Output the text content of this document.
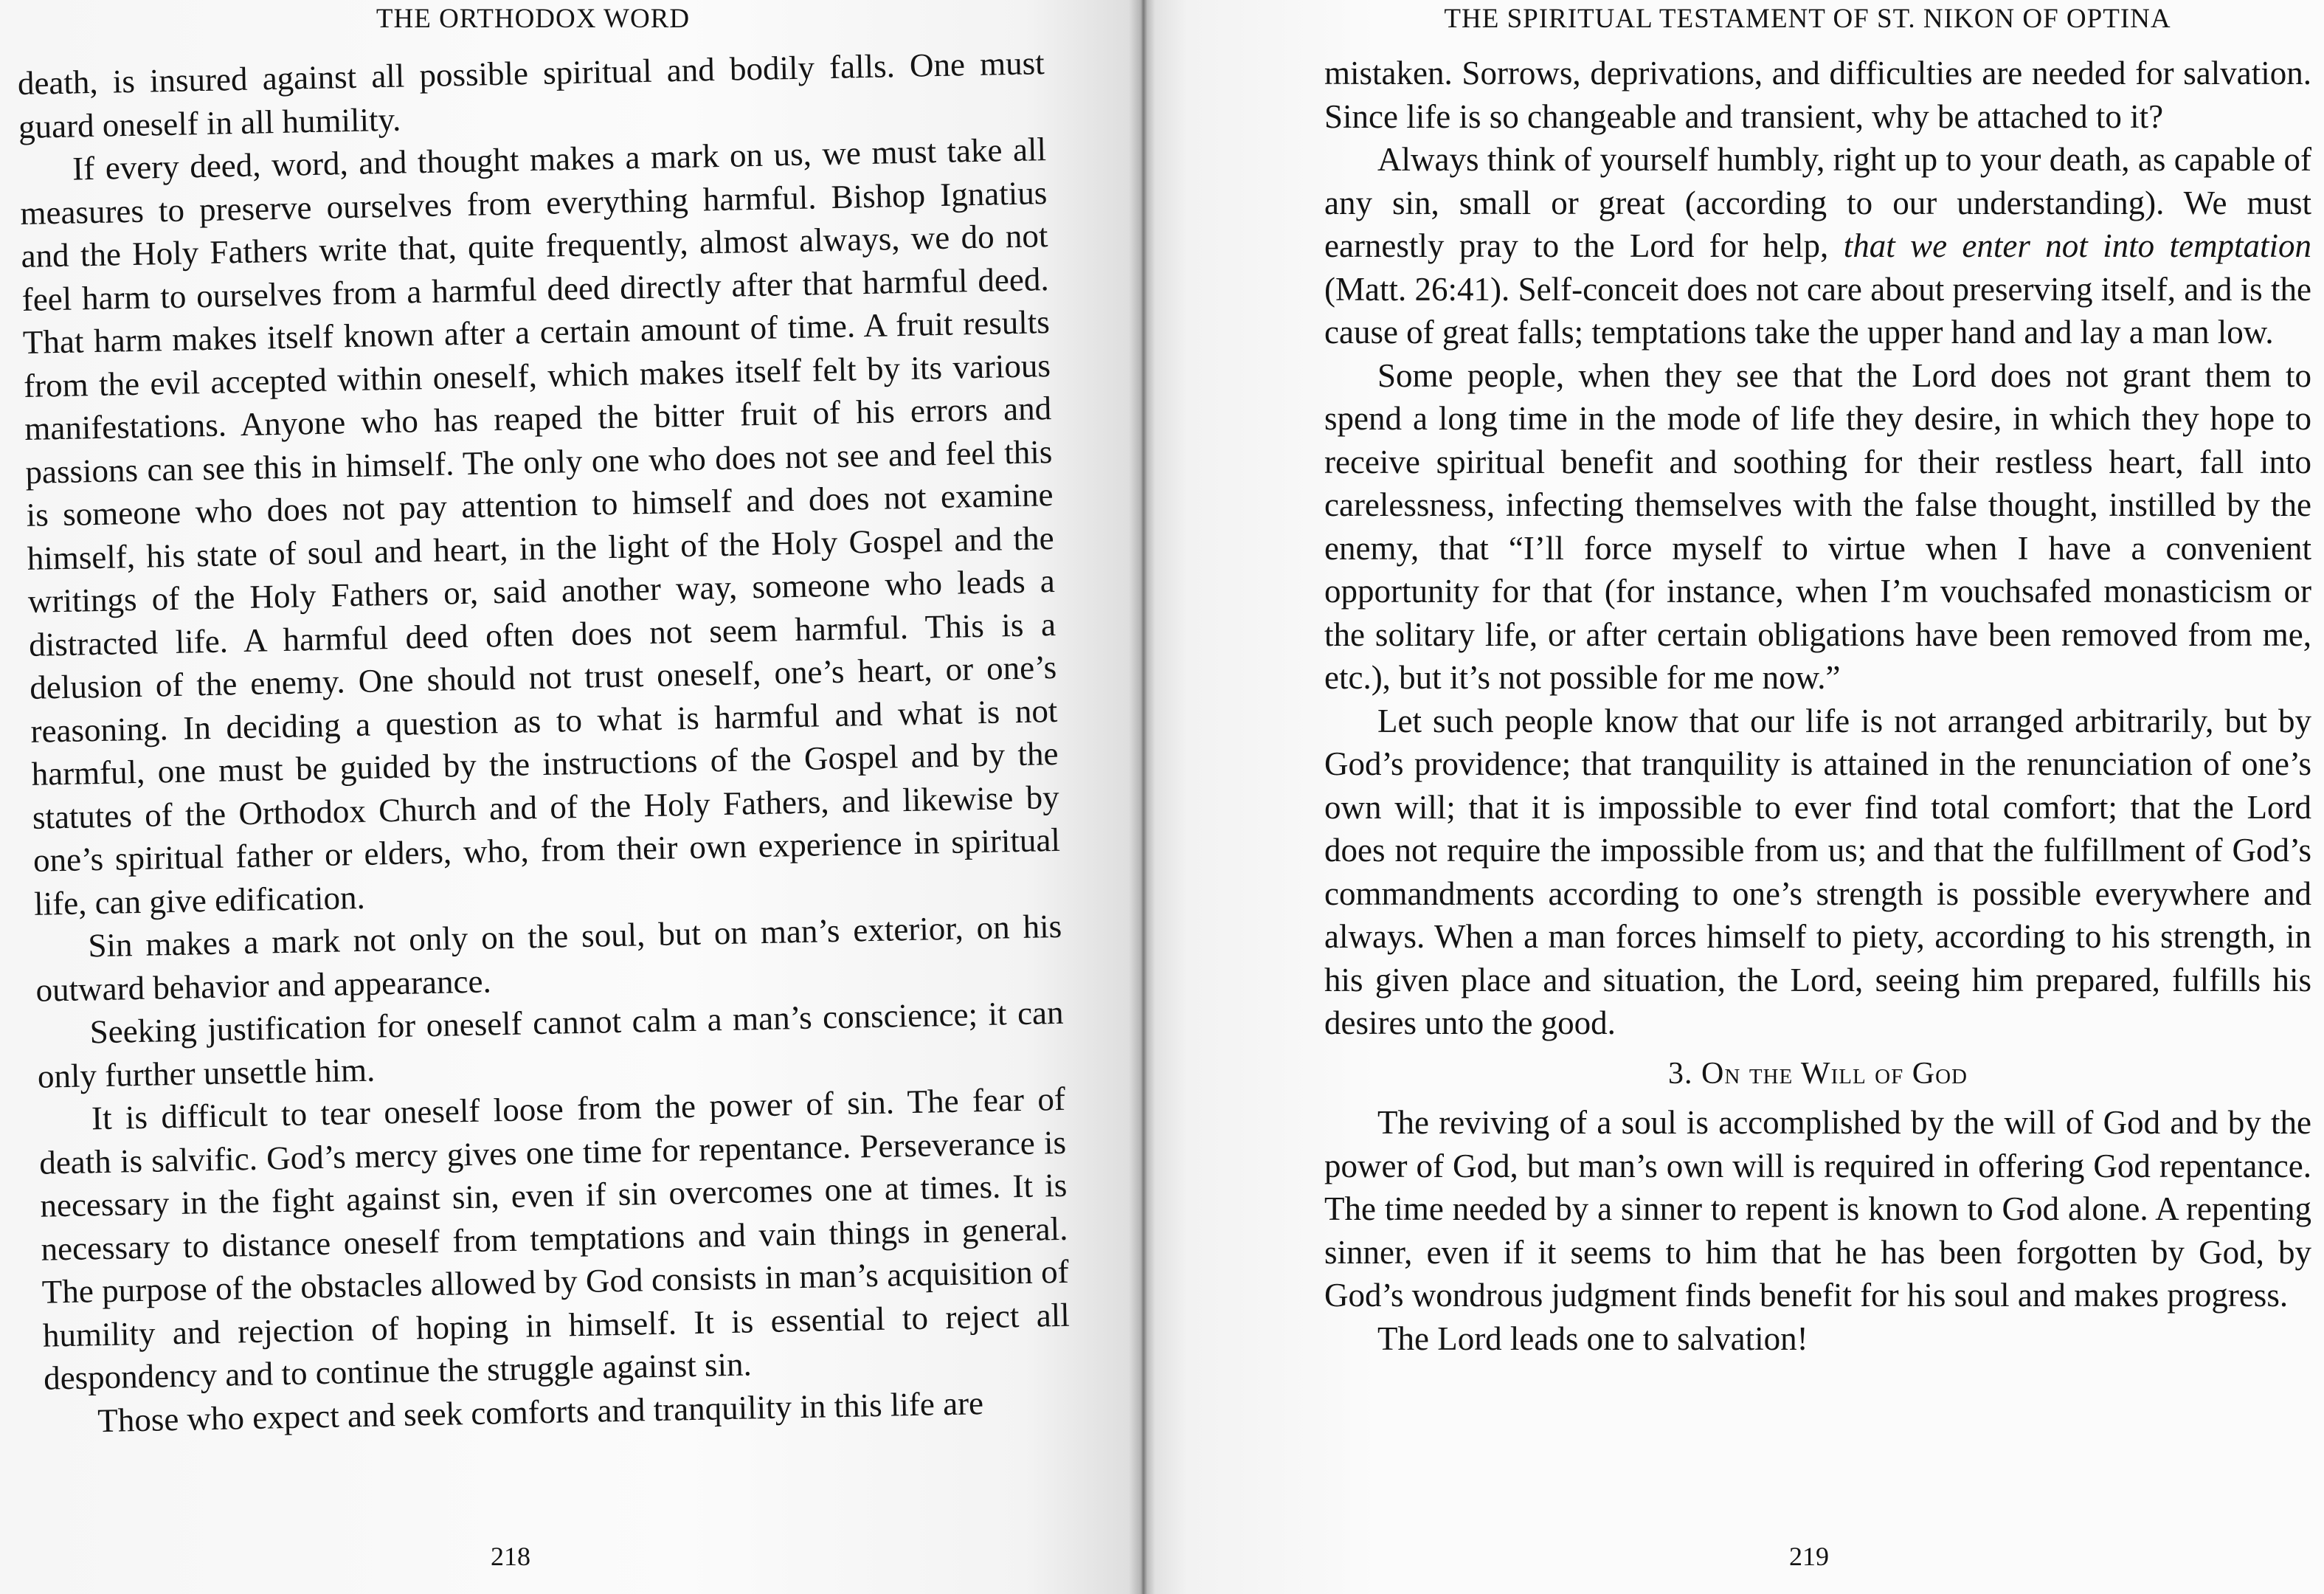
THE ORTHODOX WORD

death, is insured against all possible spiritual and bodily falls. One must guard oneself in all humility.

If every deed, word, and thought makes a mark on us, we must take all measures to preserve ourselves from everything harmful. Bishop Ignatius and the Holy Fathers write that, quite frequently, almost always, we do not feel harm to ourselves from a harmful deed directly after that harmful deed. That harm makes itself known after a certain amount of time. A fruit results from the evil accepted within oneself, which makes itself felt by its various manifestations. Anyone who has reaped the bitter fruit of his errors and passions can see this in himself. The only one who does not see and feel this is someone who does not pay attention to himself and does not examine himself, his state of soul and heart, in the light of the Holy Gospel and the writings of the Holy Fathers or, said another way, someone who leads a distracted life. A harmful deed often does not seem harmful. This is a delusion of the enemy. One should not trust oneself, one’s heart, or one’s reasoning. In deciding a question as to what is harmful and what is not harmful, one must be guided by the instructions of the Gospel and by the statutes of the Orthodox Church and of the Holy Fathers, and likewise by one’s spiritual father or elders, who, from their own experience in spiritual life, can give edification.

Sin makes a mark not only on the soul, but on man’s exterior, on his outward behavior and appearance.

Seeking justification for oneself cannot calm a man’s conscience; it can only further unsettle him.

It is difficult to tear oneself loose from the power of sin. The fear of death is salvific. God’s mercy gives one time for repentance. Perseverance is necessary in the fight against sin, even if sin overcomes one at times. It is necessary to distance oneself from temptations and vain things in general. The purpose of the obstacles allowed by God consists in man’s acquisition of humility and rejection of hoping in himself. It is essential to reject all despondency and to continue the struggle against sin.

Those who expect and seek comforts and tranquility in this life are

218
THE SPIRITUAL TESTAMENT OF ST. NIKON OF OPTINA

mistaken. Sorrows, deprivations, and difficulties are needed for salvation. Since life is so changeable and transient, why be attached to it?

Always think of yourself humbly, right up to your death, as capable of any sin, small or great (according to our understanding). We must earnestly pray to the Lord for help, that we enter not into temptation (Matt. 26:41). Self-conceit does not care about preserving itself, and is the cause of great falls; temptations take the upper hand and lay a man low.

Some people, when they see that the Lord does not grant them to spend a long time in the mode of life they desire, in which they hope to receive spiritual benefit and soothing for their restless heart, fall into carelessness, infecting themselves with the false thought, instilled by the enemy, that “I’ll force myself to virtue when I have a convenient opportunity for that (for instance, when I’m vouchsafed monasticism or the solitary life, or after certain obligations have been removed from me, etc.), but it’s not possible for me now.”

Let such people know that our life is not arranged arbitrarily, but by God’s providence; that tranquility is attained in the renunciation of one’s own will; that it is impossible to ever find total comfort; that the Lord does not require the impossible from us; and that the fulfillment of God’s commandments according to one’s strength is possible everywhere and always. When a man forces himself to piety, according to his strength, in his given place and situation, the Lord, seeing him prepared, fulfills his desires unto the good.

3. On the Will of God

The reviving of a soul is accomplished by the will of God and by the power of God, but man’s own will is required in offering God repentance. The time needed by a sinner to repent is known to God alone. A repenting sinner, even if it seems to him that he has been forgotten by God, by God’s wondrous judgment finds benefit for his soul and makes progress.

The Lord leads one to salvation!

219
